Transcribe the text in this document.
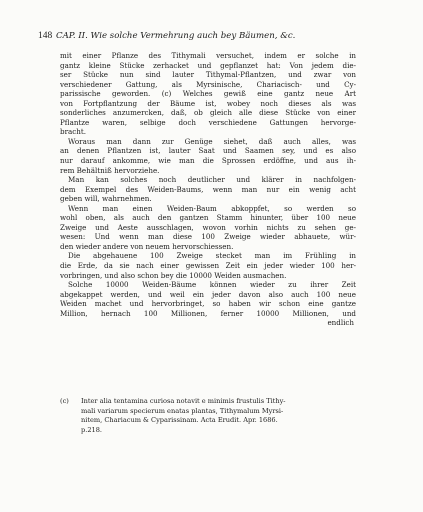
148 CAP. II. Wie solche Vermehrung auch bey Bäumen, &c.
mit einer Pflanze des Tithymali versuchet, indem er solche in
gantz kleine Stücke zerhacket und gepflanzet hat: Von jedem die-
ser Stücke nun sind lauter Tithymal-Pflantzen, und zwar von
verschiedener Gattung, als Myrsinische, Chariacisch- und Cy-
parissische geworden. (c) Welches gewiß eine gantz neue Art
von Fortpflantzung der Bäume ist, wobey noch dieses als was
sonderliches anzumercken, daß, ob gleich alle diese Stücke von einer
Pflantze waren, selbige doch verschiedene Gattungen hervorge-
bracht.
Woraus man dann zur Genüge siehet, daß auch alles, was
an denen Pflantzen ist, lauter Saat und Saamen sey, und es also
nur darauf ankomme, wie man die Sprossen erdöffne, und aus ih-
rem Behältniß hervorziehe.
Man kan solches noch deutlicher und klärer in nachfolgen-
dem Exempel des Weiden-Baums, wenn man nur ein wenig acht
geben will, wahrnehmen.
Wenn man einen Weiden-Baum abkoppfet, so werden so
wohl oben, als auch den gantzen Stamm hinunter, über 100 neue
Zweige und Aeste ausschlagen, wovon vorhin nichts zu sehen ge-
wesen: Und wenn man diese 100 Zweige wieder abhauete, wür-
den wieder andere von neuem hervorschiessen.
Die abgehauene 100 Zweige stecket man im Frühling in
die Erde, da sie nach einer gewissen Zeit ein jeder wieder 100 her-
vorbringen, und also schon bey die 10000 Weiden ausmachen.
Solche 10000 Weiden-Bäume können wieder zu ihrer Zeit
abgekappet werden, und weil ein jeder davon also auch 100 neue
Weiden machet und hervorbringet, so haben wir schon eine gantze
Million, hernach 100 Millionen, ferner 10000 Millionen, und
endlich
(c) Inter alia tentamina curiosa notavit e minimis frustulis Tithy-
mali variarum specierum enatas plantas, Tithymalum Myrsi-
nitem, Chariacum & Cyparissinam. Acta Erudit. Apr. 1686.
p.218.
